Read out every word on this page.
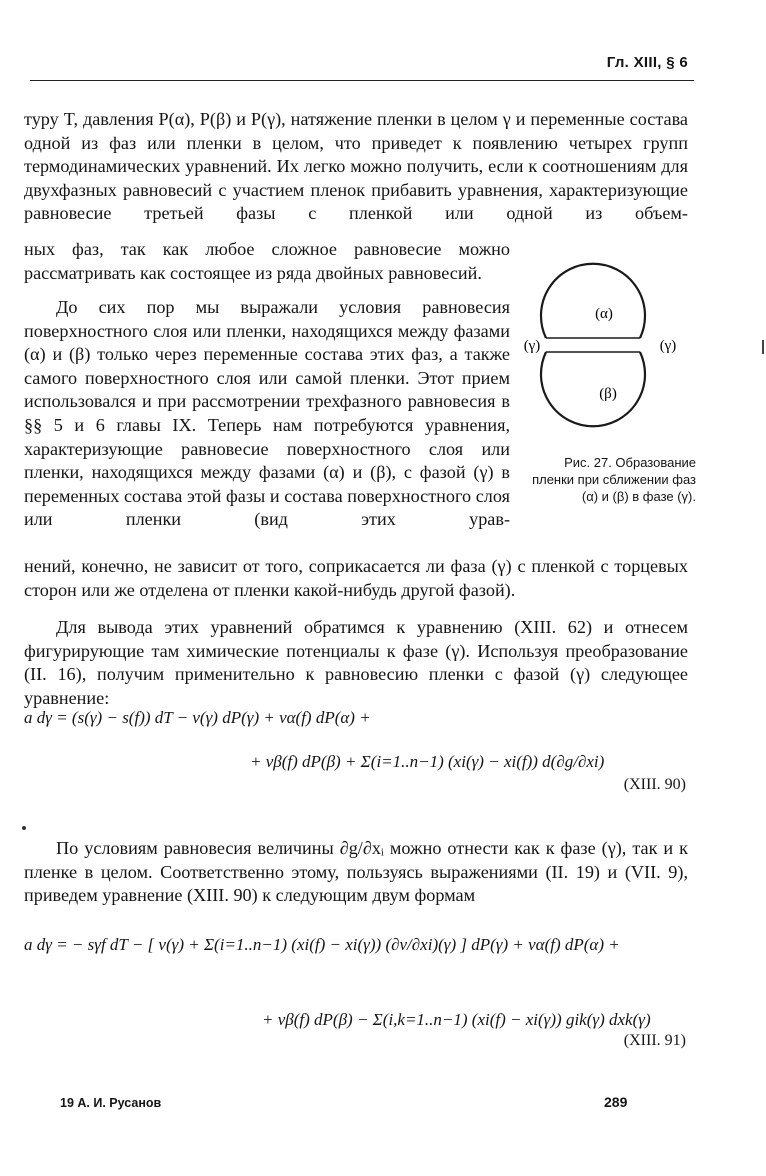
Гл. XIII, § 6

туру T, давления P(α), P(β) и P(γ), натяжение пленки в целом γ и переменные состава одной из фаз или пленки в целом, что приведет к появлению четырех групп термодинамических уравнений. Их легко можно получить, если к соотношениям для двухфазных равновесий с участием пленок прибавить уравнения, характеризующие равновесие третьей фазы с пленкой или одной из объем-

ных фаз, так как любое сложное равновесие можно рассматривать как состоящее из ряда двойных равновесий.

До сих пор мы выражали условия равновесия поверхностного слоя или пленки, находящихся между фазами (α) и (β) только через переменные состава этих фаз, а также самого поверхностного слоя или самой пленки. Этот прием использовался и при рассмотрении трехфазного равновесия в §§ 5 и 6 главы IX. Теперь нам потребуются уравнения, характеризующие равновесие поверхностного слоя или пленки, находящихся между фазами (α) и (β), с фазой (γ) в переменных состава этой фазы и состава поверхностного слоя или пленки (вид этих урав-

нений, конечно, не зависит от того, соприкасается ли фаза (γ) с пленкой с торцевых сторон или же отделена от пленки какой-нибудь другой фазой).

Для вывода этих уравнений обратимся к уравнению (XIII. 62) и отнесем фигурирующие там химические потенциалы к фазе (γ). Используя преобразование (II. 16), получим применительно к равновесию пленки с фазой (γ) следующее уравнение:

(α)
(β)
(γ)	(γ)

Рис. 27. Образование пленки при сближении фаз (α) и (β) в фазе (γ).

a dγ = (s(γ) − s(f)) dT − v(γ) dP(γ) + vα(f) dP(α) +
+ vβ(f) dP(β) + Σ(i=1..n−1) (xi(γ) − xi(f)) d(∂g/∂xi)
(XIII. 90)

По условиям равновесия величины ∂g/∂xᵢ можно отнести как к фазе (γ), так и к пленке в целом. Соответственно этому, пользуясь выражениями (II. 19) и (VII. 9), приведем уравнение (XIII. 90) к следующим двум формам

a dγ = − sγf dT − [ v(γ) + Σ(i=1..n−1) (xi(f) − xi(γ)) (∂v/∂xi)(γ) ] dP(γ) + vα(f) dP(α) +
+ vβ(f) dP(β) − Σ(i,k=1..n−1) (xi(f) − xi(γ)) gik(γ) dxk(γ)
(XIII. 91)
19 А. И. Русанов	289
